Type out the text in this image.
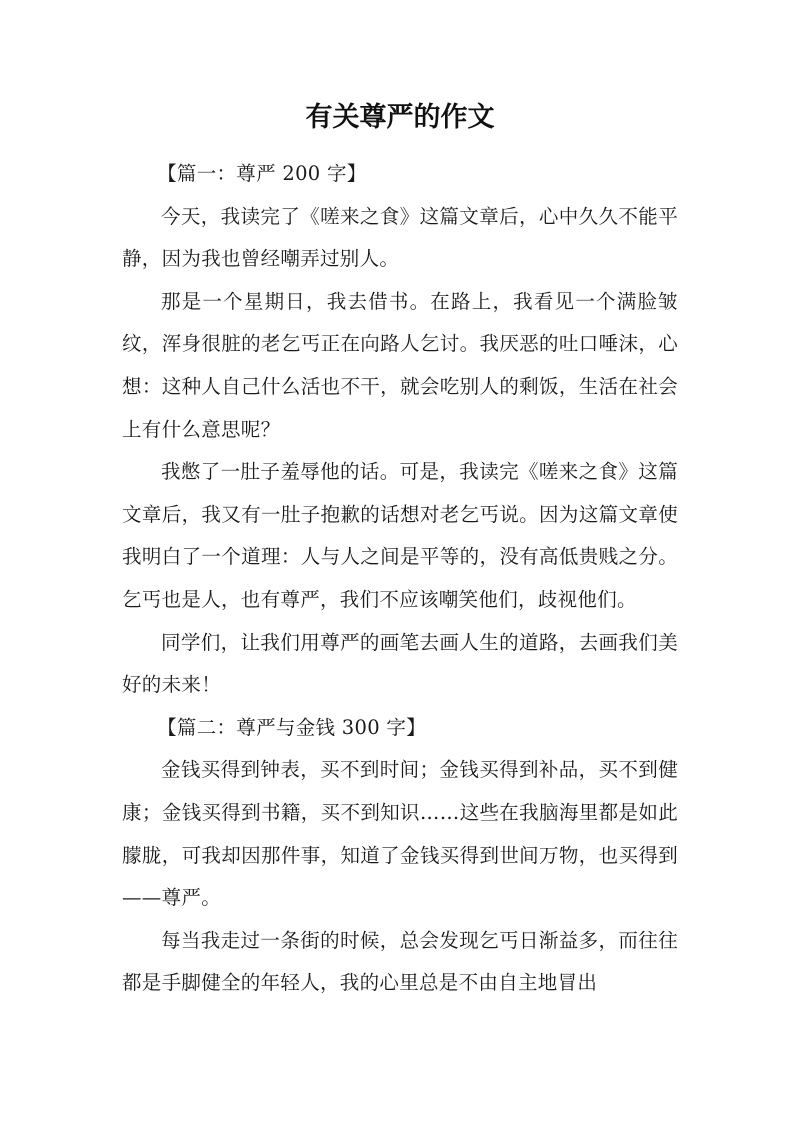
有关尊严的作文

【篇一：尊严 200 字】

今天，我读完了《嗟来之食》这篇文章后，心中久久不能平静，因为我也曾经嘲弄过别人。

那是一个星期日，我去借书。在路上，我看见一个满脸皱纹，浑身很脏的老乞丐正在向路人乞讨。我厌恶的吐口唾沫，心想：这种人自己什么活也不干，就会吃别人的剩饭，生活在社会上有什么意思呢？

我憋了一肚子羞辱他的话。可是，我读完《嗟来之食》这篇文章后，我又有一肚子抱歉的话想对老乞丐说。因为这篇文章使我明白了一个道理：人与人之间是平等的，没有高低贵贱之分。乞丐也是人，也有尊严，我们不应该嘲笑他们，歧视他们。

同学们，让我们用尊严的画笔去画人生的道路，去画我们美好的未来！

【篇二：尊严与金钱 300 字】

金钱买得到钟表，买不到时间；金钱买得到补品，买不到健康；金钱买得到书籍，买不到知识……这些在我脑海里都是如此朦胧，可我却因那件事，知道了金钱买得到世间万物，也买得到——尊严。

每当我走过一条街的时候，总会发现乞丐日渐益多，而往往都是手脚健全的年轻人，我的心里总是不由自主地冒出
